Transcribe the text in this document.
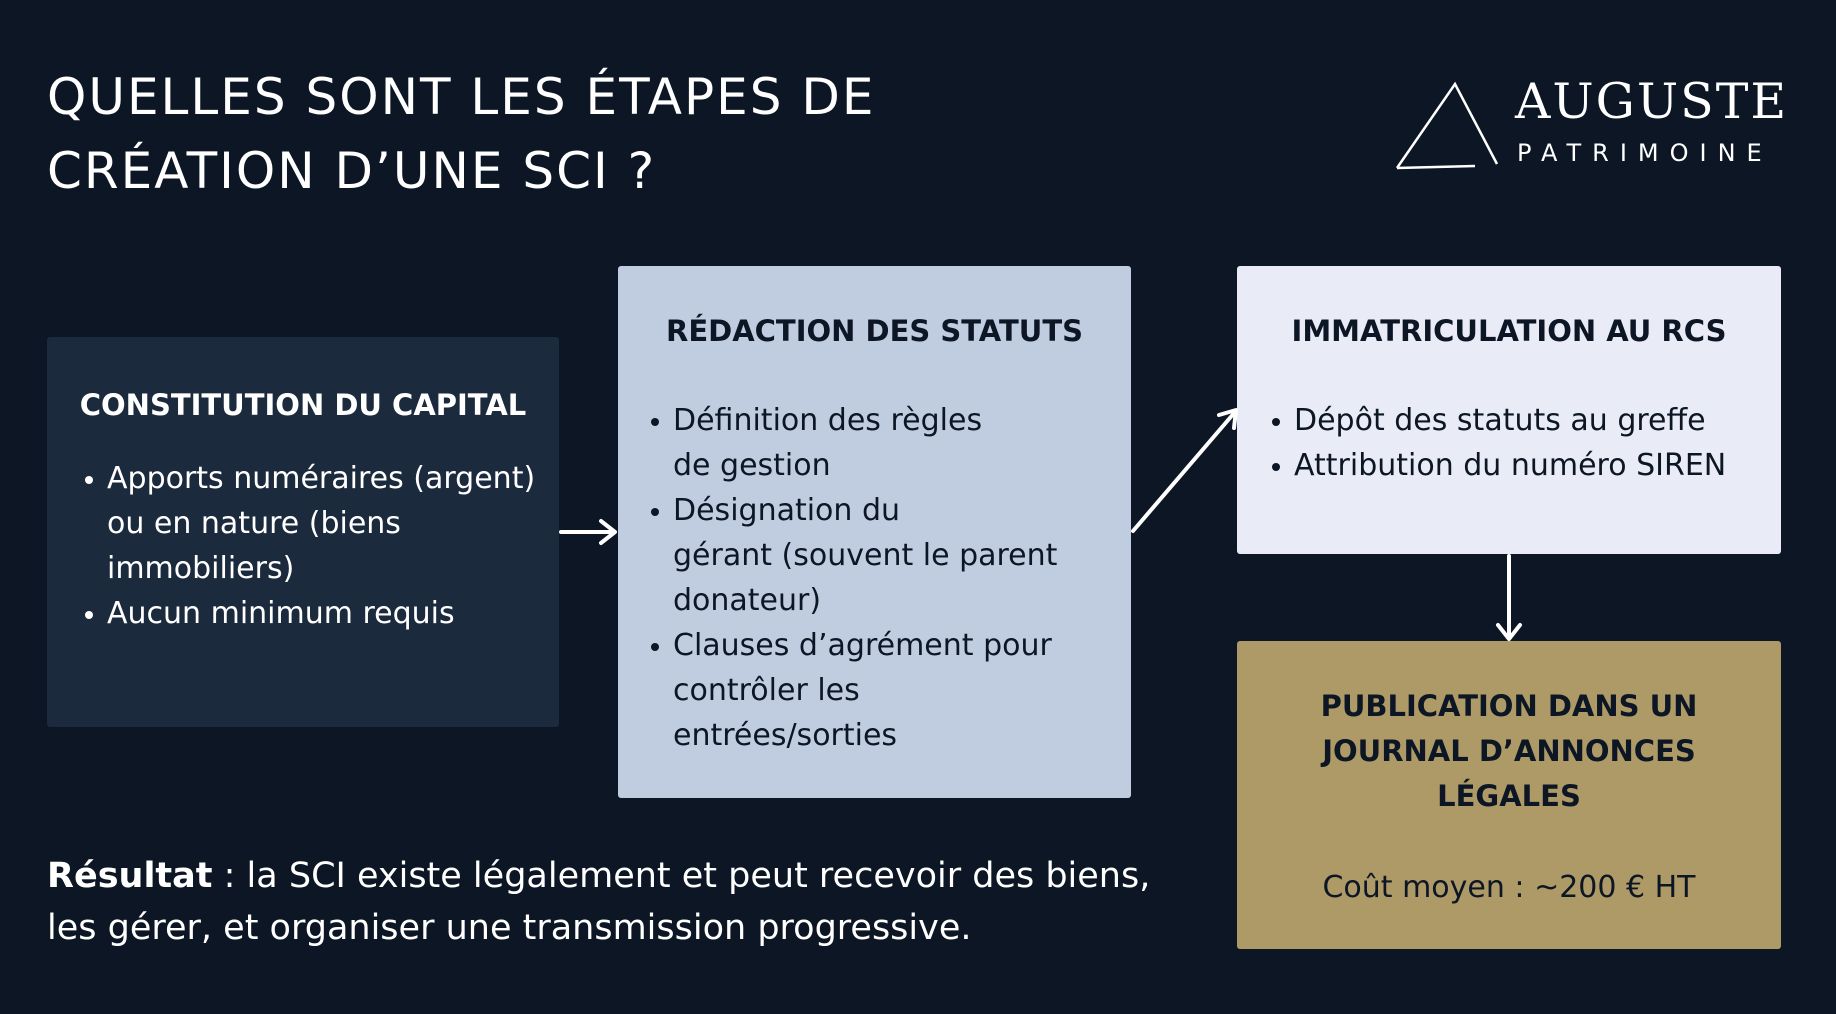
QUELLES SONT LES ÉTAPES DE
CRÉATION D’UNE SCI ?
AUGUSTE
PATRIMOINE
CONSTITUTION DU CAPITAL
Apports numéraires (argent) ou en nature (biens immobiliers)
Aucun minimum requis
RÉDACTION DES STATUTS
Définition des règles
de gestion
Désignation du
gérant (souvent le parent
donateur)
Clauses d’agrément pour
contrôler les
entrées/sorties
IMMATRICULATION AU RCS
Dépôt des statuts au greffe
Attribution du numéro SIREN
PUBLICATION DANS UN
JOURNAL D’ANNONCES
LÉGALES
Coût moyen : ~200 € HT

Résultat : la SCI existe légalement et peut recevoir des biens,
les gérer, et organiser une transmission progressive.
